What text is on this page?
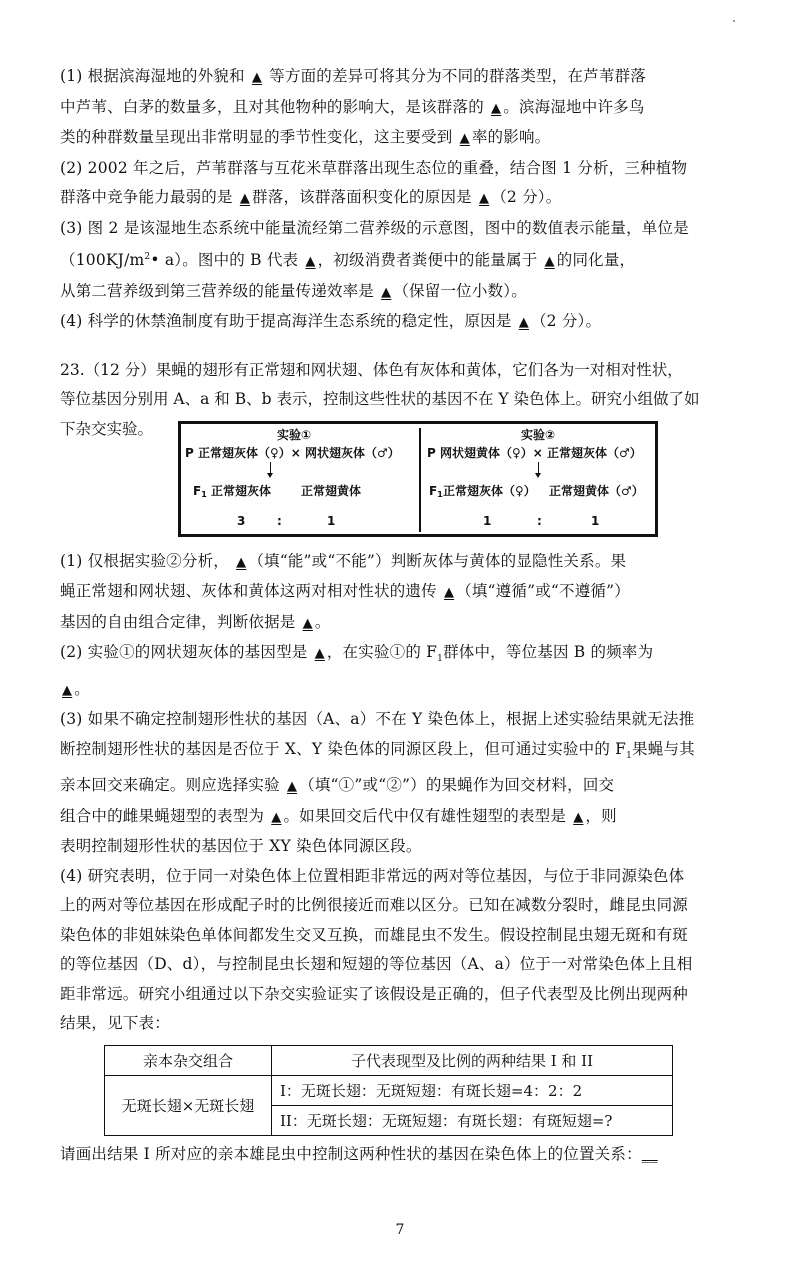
(1) 根据滨海湿地的外貌和 ▲ 等方面的差异可将其分为不同的群落类型，在芦苇群落
中芦苇、白茅的数量多，且对其他物种的影响大，是该群落的 ▲ 。滨海湿地中许多鸟
类的种群数量呈现出非常明显的季节性变化，这主要受到 ▲ 率的影响。
(2) 2002 年之后，芦苇群落与互花米草群落出现生态位的重叠，结合图 1 分析，三种植物
群落中竞争能力最弱的是 ▲ 群落，该群落面积变化的原因是 ▲ （2 分）。
(3) 图 2 是该湿地生态系统中能量流经第二营养级的示意图，图中的数值表示能量，单位是
（$100KJ/m^2•$ a）。图中的 B 代表 ▲ ，初级消费者粪便中的能量属于 ▲ 的同化量，
从第二营养级到第三营养级的能量传递效率是 ▲ （保留一位小数）。
(4) 科学的休禁渔制度有助于提高海洋生态系统的稳定性，原因是 ▲ （2 分）。
23.（12 分）果蝇的翅形有正常翅和网状翅、体色有灰体和黄体，它们各为一对相对性状，
等位基因分别用 A、a 和 B、b 表示，控制这些性状的基因不在 Y 染色体上。研究小组做了如
下杂交实验。	实验①
P 正常翅灰体（♀）× 网状翅灰体（♂）
$F_1$ 正常翅灰体 正常翅黄体
3	:	1
实验②
P 网状翅黄体（♀）× 正常翅灰体（♂）
$F_1$ 正常翅灰体（♀） 正常翅黄体（♂）
1	:	1
(1) 仅根据实验②分析， ▲ （填“能”或“不能”）判断灰体与黄体的显隐性关系。果
蝇正常翅和网状翅、灰体和黄体这两对相对性状的遗传 ▲ （填“遵循”或“不遵循”）
基因的自由组合定律，判断依据是 ▲ 。
(2) 实验①的网状翅灰体的基因型是 ▲ ，在实验①的 $F_1$群体中，等位基因 B 的频率为
▲ 。
(3) 如果不确定控制翅形性状的基因（A、a）不在 Y 染色体上，根据上述实验结果就无法推
断控制翅形性状的基因是否位于 X、Y 染色体的同源区段上，但可通过实验中的 $F_1$果蝇与其
亲本回交来确定。则应选择实验 ▲ （填“①”或“②”）的果蝇作为回交材料，回交
组合中的雌果蝇翅型的表型为 ▲ 。如果回交后代中仅有雄性翅型的表型是 ▲ ，则
表明控制翅形性状的基因位于 XY 染色体同源区段。
(4) 研究表明，位于同一对染色体上位置相距非常远的两对等位基因，与位于非同源染色体
上的两对等位基因在形成配子时的比例很接近而难以区分。已知在减数分裂时，雌昆虫同源
染色体的非姐妹染色单体间都发生交叉互换，而雄昆虫不发生。假设控制昆虫翅无斑和有斑
的等位基因（D、d），与控制昆虫长翅和短翅的等位基因（A、a）位于一对常染色体上且相
距非常远。研究小组通过以下杂交实验证实了该假设是正确的，但子代表型及比例出现两种
结果，见下表：
亲本杂交组合	子代表现型及比例的两种结果 I 和 II
无斑长翅×无斑长翅	I：无斑长翅：无斑短翅：有斑长翅=4：2：2
	II：无斑长翅：无斑短翅：有斑长翅：有斑短翅=?
请画出结果 I 所对应的亲本雄昆虫中控制这两种性状的基因在染色体上的位置关系：__
7
